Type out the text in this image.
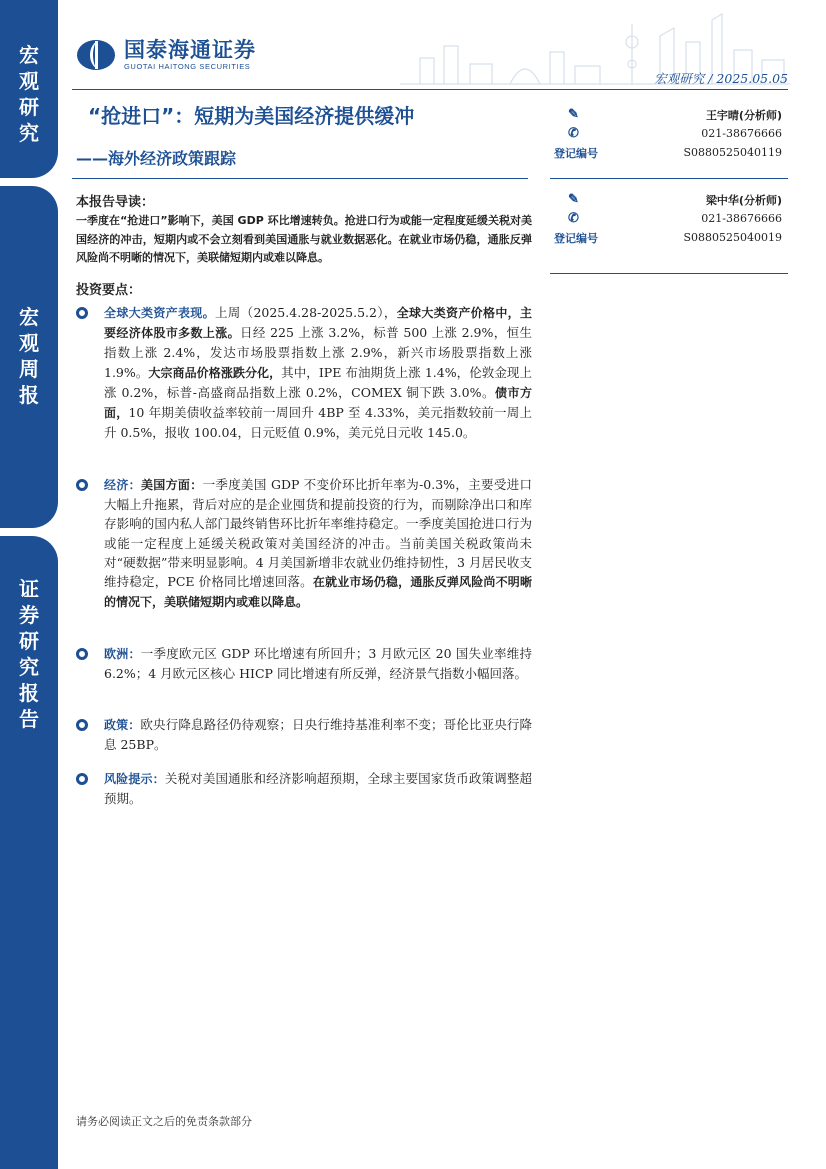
宏
观
研
究
宏
观
周
报
证
券
研
究
报
告
国泰海通证券
GUOTAI HAITONG SECURITIES
宏观研究 / 2025.05.05
“抢进口”：短期为美国经济提供缓冲
——海外经济政策跟踪
✎	王宇晴(分析师)
✆	021-38676666
登记编号	S0880525040119
✎	梁中华(分析师)
✆	021-38676666
登记编号	S0880525040019
本报告导读：
一季度在“抢进口”影响下，美国 GDP 环比增速转负。抢进口行为或能一定程度延缓关税对美国经济的冲击，短期内或不会立刻看到美国通胀与就业数据恶化。在就业市场仍稳，通胀反弹风险尚不明晰的情况下，美联储短期内或难以降息。
投资要点：
全球大类资产表现。上周（2025.4.28-2025.5.2），全球大类资产价格中，主要经济体股市多数上涨。日经 225 上涨 3.2%，标普 500 上涨 2.9%，恒生指数上涨 2.4%，发达市场股票指数上涨 2.9%，新兴市场股票指数上涨 1.9%。大宗商品价格涨跌分化，其中，IPE 布油期货上涨 1.4%，伦敦金现上涨 0.2%，标普-高盛商品指数上涨 0.2%，COMEX 铜下跌 3.0%。债市方面，10 年期美债收益率较前一周回升 4BP 至 4.33%，美元指数较前一周上升 0.5%，报收 100.04，日元贬值 0.9%，美元兑日元收 145.0。
经济：美国方面：一季度美国 GDP 不变价环比折年率为-0.3%，主要受进口大幅上升拖累，背后对应的是企业囤货和提前投资的行为，而剔除净出口和库存影响的国内私人部门最终销售环比折年率维持稳定。一季度美国抢进口行为或能一定程度上延缓关税政策对美国经济的冲击。当前美国关税政策尚未对“硬数据”带来明显影响。4 月美国新增非农就业仍维持韧性，3 月居民收支维持稳定，PCE 价格同比增速回落。在就业市场仍稳，通胀反弹风险尚不明晰的情况下，美联储短期内或难以降息。
欧洲：一季度欧元区 GDP 环比增速有所回升；3 月欧元区 20 国失业率维持 6.2%；4 月欧元区核心 HICP 同比增速有所反弹，经济景气指数小幅回落。
政策：欧央行降息路径仍待观察；日央行维持基准利率不变；哥伦比亚央行降息 25BP。
风险提示：关税对美国通胀和经济影响超预期，全球主要国家货币政策调整超预期。
请务必阅读正文之后的免责条款部分
